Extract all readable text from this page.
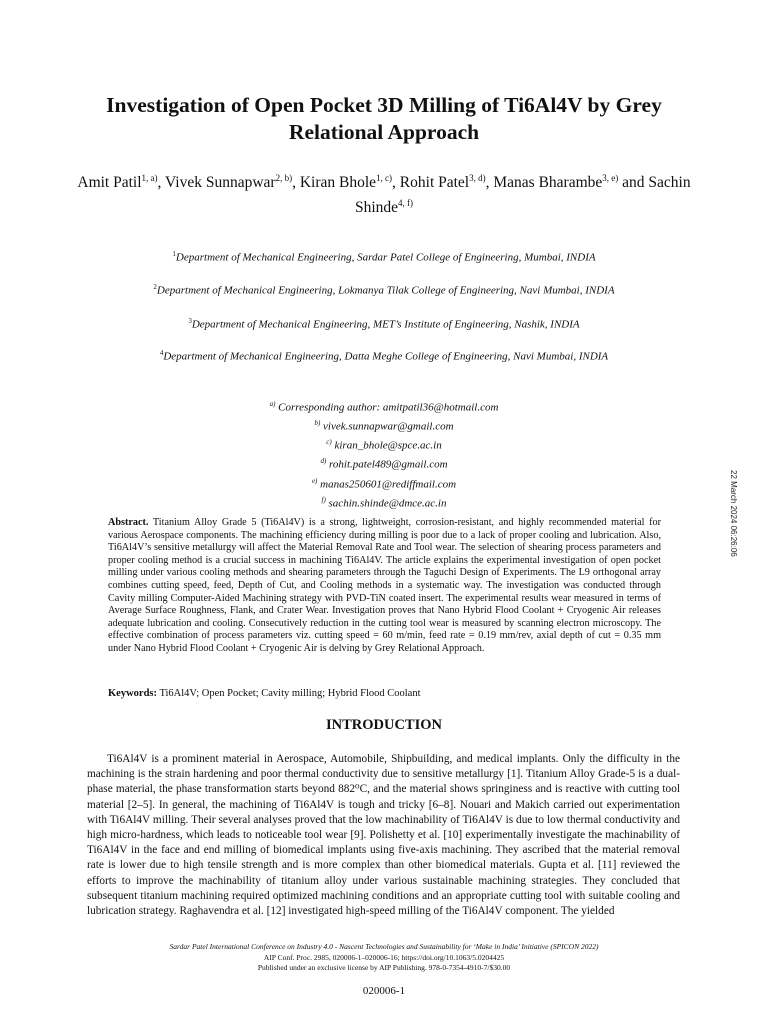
22 March 2024 06:26:06
Investigation of Open Pocket 3D Milling of Ti6Al4V by Grey Relational Approach
Amit Patil$^{1, a)}$, Vivek Sunnapwar$^{2, b)}$, Kiran Bhole$^{1, c)}$, Rohit Patel$^{3, d)}$, Manas Bharambe$^{3, e)}$ and Sachin Shinde$^{4, f)}$
$^1$Department of Mechanical Engineering, Sardar Patel College of Engineering, Mumbai, INDIA
$^2$Department of Mechanical Engineering, Lokmanya Tilak College of Engineering, Navi Mumbai, INDIA
$^3$Department of Mechanical Engineering, MET’s Institute of Engineering, Nashik, INDIA
$^4$Department of Mechanical Engineering, Datta Meghe College of Engineering, Navi Mumbai, INDIA
$^{a)}$ Corresponding author: amitpatil36@hotmail.com
$^{b)}$ vivek.sunnapwar@gmail.com
$^{c)}$ kiran_bhole@spce.ac.in
$^{d)}$ rohit.patel489@gmail.com
$^{e)}$ manas250601@rediffmail.com
$^{f)}$ sachin.shinde@dmce.ac.in
Abstract. Titanium Alloy Grade 5 (Ti6Al4V) is a strong, lightweight, corrosion-resistant, and highly recommended material for various Aerospace components. The machining efficiency during milling is poor due to a lack of proper cooling and lubrication. Also, Ti6Al4V’s sensitive metallurgy will affect the Material Removal Rate and Tool wear. The selection of shearing process parameters and proper cooling method is a crucial success in machining Ti6Al4V. The article explains the experimental investigation of open pocket milling under various cooling methods and shearing parameters through the Taguchi Design of Experiments. The L9 orthogonal array combines cutting speed, feed, Depth of Cut, and Cooling methods in a systematic way. The investigation was conducted through Cavity milling Computer-Aided Machining strategy with PVD-TiN coated insert. The experimental results wear measured in terms of Average Surface Roughness, Flank, and Crater Wear. Investigation proves that Nano Hybrid Flood Coolant + Cryogenic Air releases adequate lubrication and cooling. Consecutively reduction in the cutting tool wear is measured by scanning electron microscopy. The effective combination of process parameters viz. cutting speed = 60 m/min, feed rate = 0.19 mm/rev, axial depth of cut = 0.35 mm under Nano Hybrid Flood Coolant + Cryogenic Air is delving by Grey Relational Approach.
Keywords: Ti6Al4V; Open Pocket; Cavity milling; Hybrid Flood Coolant
INTRODUCTION
Ti6Al4V is a prominent material in Aerospace, Automobile, Shipbuilding, and medical implants. Only the difficulty in the machining is the strain hardening and poor thermal conductivity due to sensitive metallurgy [1]. Titanium Alloy Grade-5 is a dual-phase material, the phase transformation starts beyond 882⁰C, and the material shows springiness and is reactive with cutting tool material [2–5]. In general, the machining of Ti6Al4V is tough and tricky [6–8]. Nouari and Makich carried out experimentation with Ti6Al4V milling. Their several analyses proved that the low machinability of Ti6Al4V is due to low thermal conductivity and high micro-hardness, which leads to noticeable tool wear [9]. Polishetty et al. [10] experimentally investigate the machinability of Ti6Al4V in the face and end milling of biomedical implants using five-axis machining. They ascribed that the material removal rate is lower due to high tensile strength and is more complex than other biomedical materials. Gupta et al. [11] reviewed the efforts to improve the machinability of titanium alloy under various sustainable machining strategies. They concluded that subsequent titanium machining required optimized machining conditions and an appropriate cutting tool with suitable cooling and lubrication strategy. Raghavendra et al. [12] investigated high-speed milling of the Ti6Al4V component. The yielded
Sardar Patel International Conference on Industry 4.0 - Nascent Technologies and Sustainability for ‘Make in India’ Initiative (SPICON 2022)
AIP Conf. Proc. 2985, 020006-1–020006-16; https://doi.org/10.1063/5.0204425
Published under an exclusive license by AIP Publishing. 978-0-7354-4910-7/$30.00
020006-1
